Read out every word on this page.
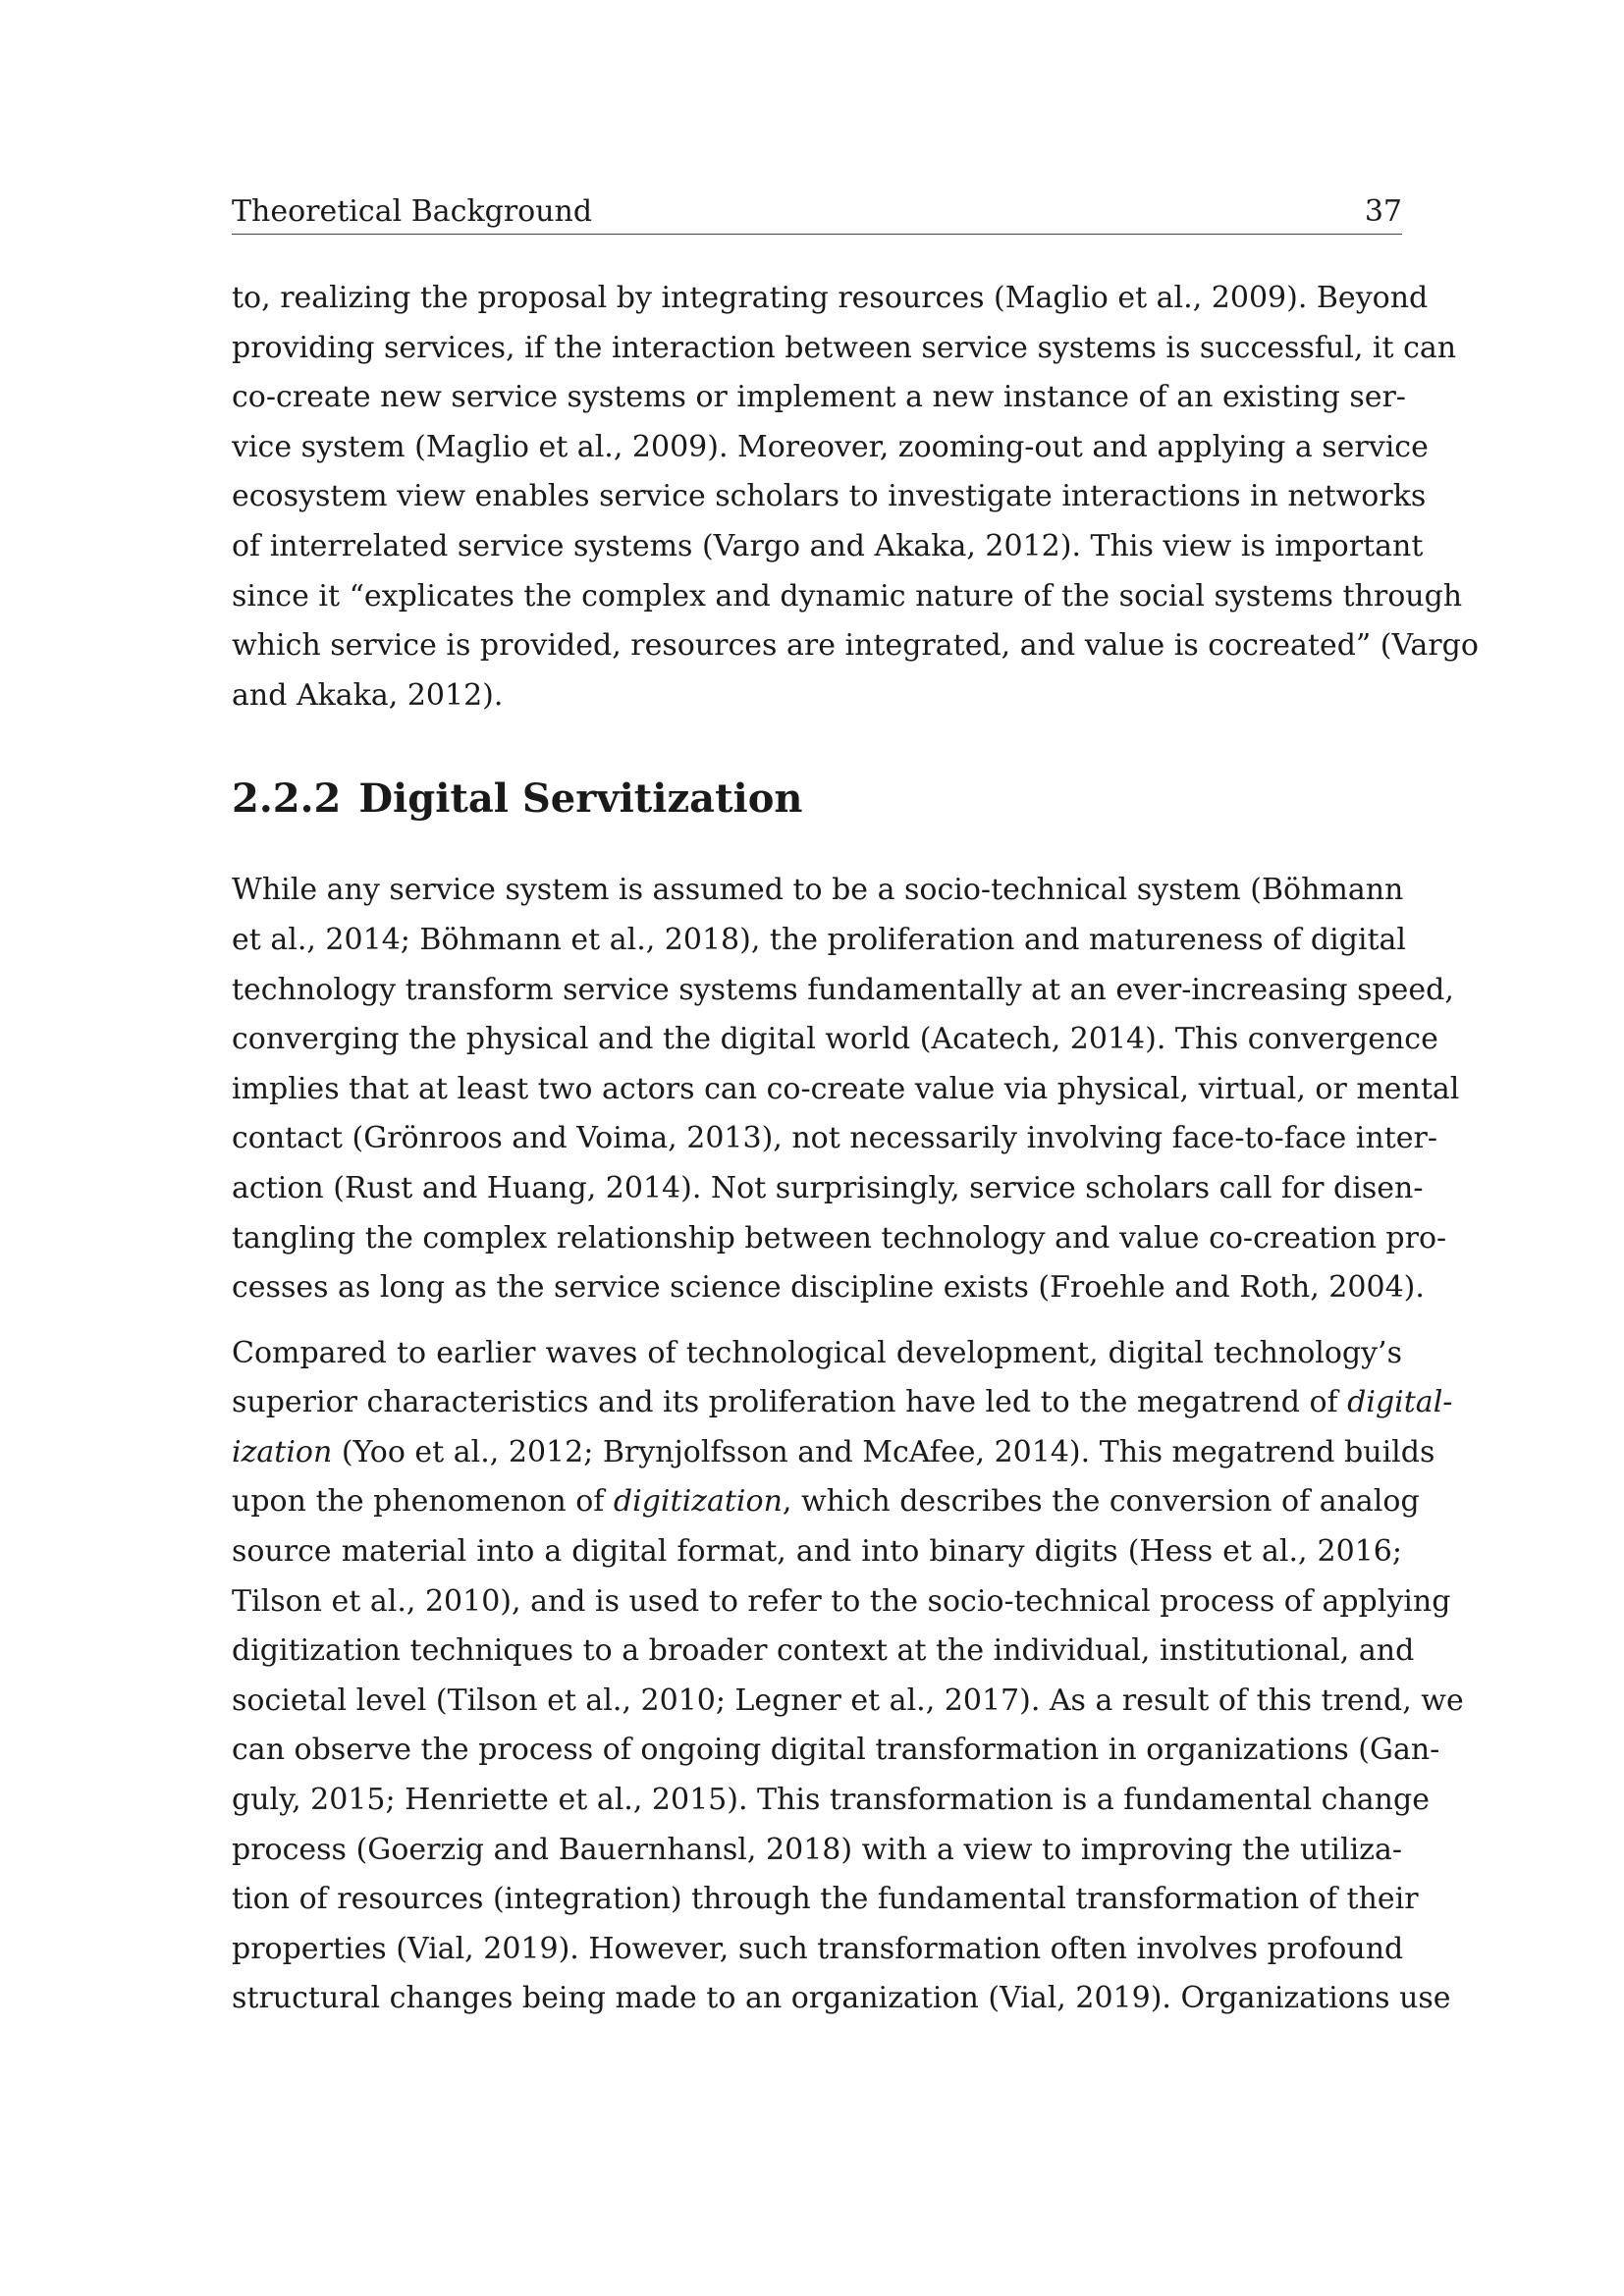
Theoretical Background	37

to, realizing the proposal by integrating resources (Maglio et al., 2009). Beyond
providing services, if the interaction between service systems is successful, it can
co-create new service systems or implement a new instance of an existing ser-
vice system (Maglio et al., 2009). Moreover, zooming-out and applying a service
ecosystem view enables service scholars to investigate interactions in networks
of interrelated service systems (Vargo and Akaka, 2012). This view is important
since it “explicates the complex and dynamic nature of the social systems through
which service is provided, resources are integrated, and value is cocreated” (Vargo
and Akaka, 2012).

2.2.2 Digital Servitization

While any service system is assumed to be a socio-technical system (Böhmann
et al., 2014; Böhmann et al., 2018), the proliferation and matureness of digital
technology transform service systems fundamentally at an ever-increasing speed,
converging the physical and the digital world (Acatech, 2014). This convergence
implies that at least two actors can co-create value via physical, virtual, or mental
contact (Grönroos and Voima, 2013), not necessarily involving face-to-face inter-
action (Rust and Huang, 2014). Not surprisingly, service scholars call for disen-
tangling the complex relationship between technology and value co-creation pro-
cesses as long as the service science discipline exists (Froehle and Roth, 2004).

Compared to earlier waves of technological development, digital technology’s
superior characteristics and its proliferation have led to the megatrend of digital-
ization (Yoo et al., 2012; Brynjolfsson and McAfee, 2014). This megatrend builds
upon the phenomenon of digitization, which describes the conversion of analog
source material into a digital format, and into binary digits (Hess et al., 2016;
Tilson et al., 2010), and is used to refer to the socio-technical process of applying
digitization techniques to a broader context at the individual, institutional, and
societal level (Tilson et al., 2010; Legner et al., 2017). As a result of this trend, we
can observe the process of ongoing digital transformation in organizations (Gan-
guly, 2015; Henriette et al., 2015). This transformation is a fundamental change
process (Goerzig and Bauernhansl, 2018) with a view to improving the utiliza-
tion of resources (integration) through the fundamental transformation of their
properties (Vial, 2019). However, such transformation often involves profound
structural changes being made to an organization (Vial, 2019). Organizations use
